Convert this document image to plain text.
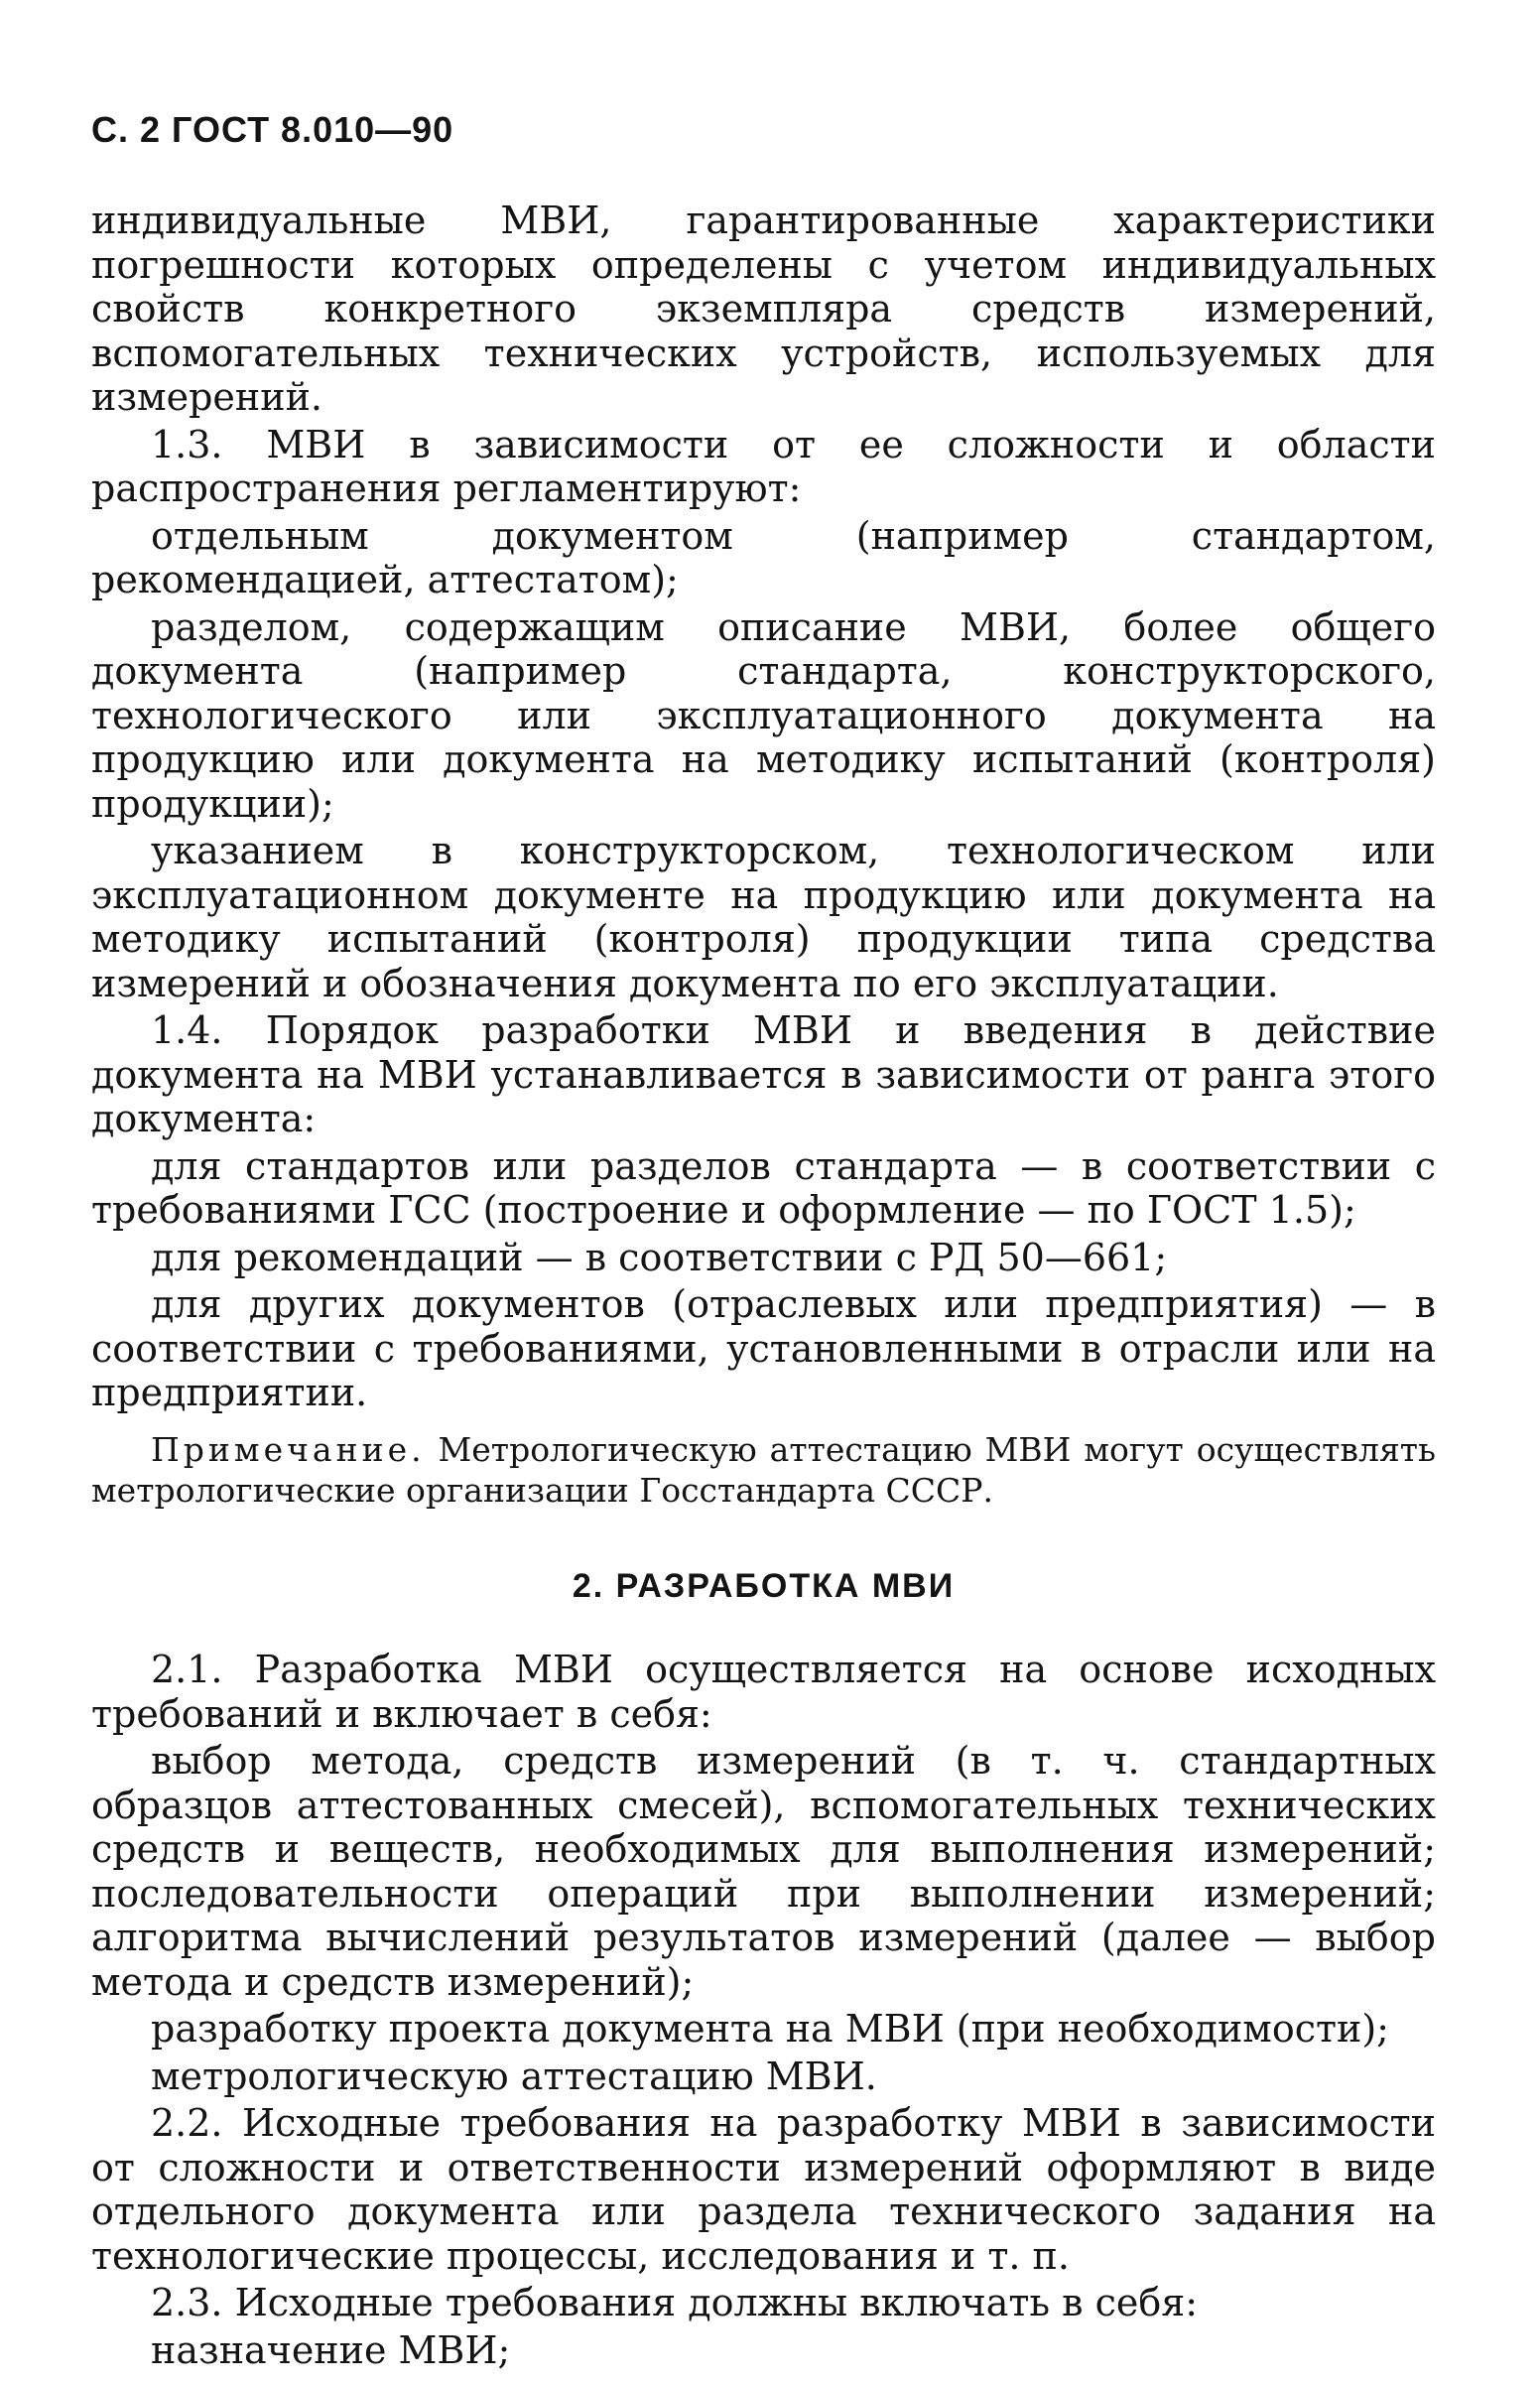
С. 2 ГОСТ 8.010—90

индивидуальные МВИ, гарантированные характеристики погрешности которых определены с учетом индивидуальных свойств конкретного экземпляра средств измерений, вспомогательных технических устройств, используемых для измерений.

1.3. МВИ в зависимости от ее сложности и области распространения регламентируют:

отдельным документом (например стандартом, рекомендацией, аттестатом);

разделом, содержащим описание МВИ, более общего документа (например стандарта, конструкторского, технологического или эксплуатационного документа на продукцию или документа на методику испытаний (контроля) продукции);

указанием в конструкторском, технологическом или эксплуатационном документе на продукцию или документа на методику испытаний (контроля) продукции типа средства измерений и обозначения документа по его эксплуатации.

1.4. Порядок разработки МВИ и введения в действие документа на МВИ устанавливается в зависимости от ранга этого документа:

для стандартов или разделов стандарта — в соответствии с требованиями ГСС (построение и оформление — по ГОСТ 1.5);

для рекомендаций — в соответствии с РД 50—661;

для других документов (отраслевых или предприятия) — в соответствии с требованиями, установленными в отрасли или на предприятии.

Примечание. Метрологическую аттестацию МВИ могут осуществлять метрологические организации Госстандарта СССР.

2. РАЗРАБОТКА МВИ

2.1. Разработка МВИ осуществляется на основе исходных требований и включает в себя:

выбор метода, средств измерений (в т. ч. стандартных образцов аттестованных смесей), вспомогательных технических средств и веществ, необходимых для выполнения измерений; последовательности операций при выполнении измерений; алгоритма вычислений результатов измерений (далее — выбор метода и средств измерений);

разработку проекта документа на МВИ (при необходимости);

метрологическую аттестацию МВИ.

2.2. Исходные требования на разработку МВИ в зависимости от сложности и ответственности измерений оформляют в виде отдельного документа или раздела технического задания на технологические процессы, исследования и т. п.

2.3. Исходные требования должны включать в себя:

назначение МВИ;
